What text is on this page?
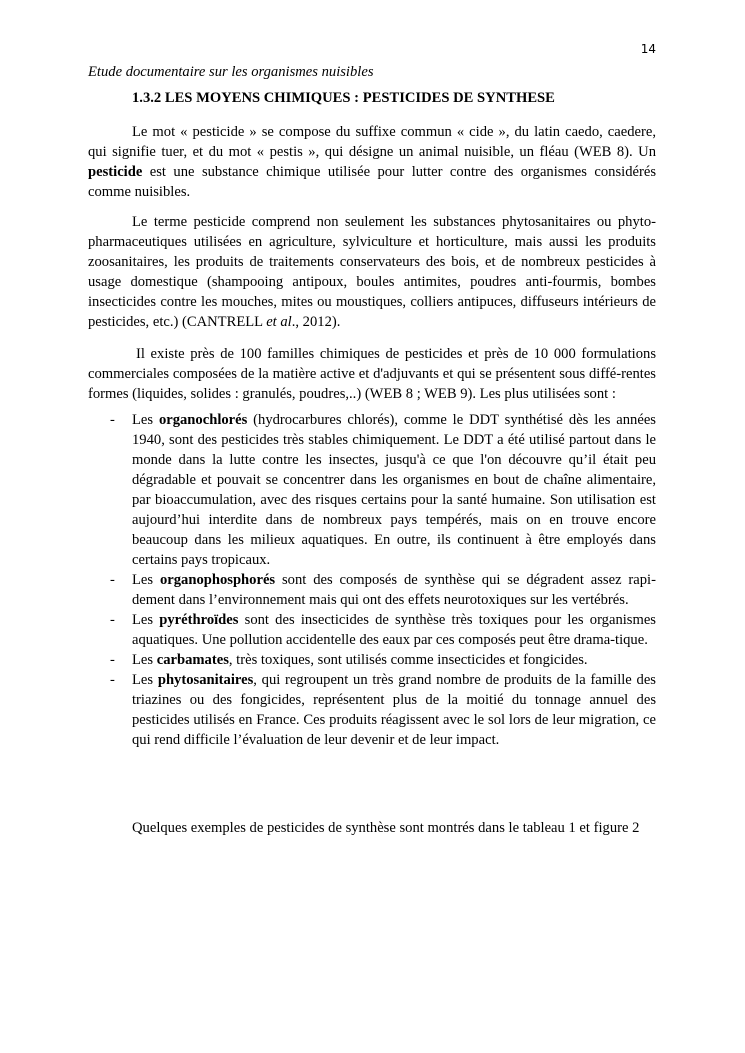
14
Etude documentaire sur les organismes nuisibles
1.3.2 LES MOYENS CHIMIQUES : PESTICIDES DE SYNTHESE

Le mot « pesticide » se compose du suffixe commun « cide », du latin caedo, caedere, qui signifie tuer, et du mot « pestis », qui désigne un animal nuisible, un fléau (WEB 8). Un pesticide est une substance chimique utilisée pour lutter contre des organismes considérés comme nuisibles.

Le terme pesticide comprend non seulement les substances phytosanitaires ou phyto-pharmaceutiques utilisées en agriculture, sylviculture et horticulture, mais aussi les produits zoosanitaires, les produits de traitements conservateurs des bois, et de nombreux pesticides à usage domestique (shampooing antipoux, boules antimites, poudres anti-fourmis, bombes insecticides contre les mouches, mites ou moustiques, colliers antipuces, diffuseurs intérieurs de pesticides, etc.) (CANTRELL et al., 2012).

Il existe près de 100 familles chimiques de pesticides et près de 10 000 formulations commerciales composées de la matière active et d'adjuvants et qui se présentent sous diffé-rentes formes (liquides, solides : granulés, poudres,..) (WEB 8 ; WEB 9). Les plus utilisées sont :

- Les organochlorés (hydrocarbures chlorés), comme le DDT synthétisé dès les années 1940, sont des pesticides très stables chimiquement. Le DDT a été utilisé partout dans le monde dans la lutte contre les insectes, jusqu'à ce que l'on découvre qu’il était peu dégradable et pouvait se concentrer dans les organismes en bout de chaîne alimentaire, par bioaccumulation, avec des risques certains pour la santé humaine. Son utilisation est aujourd’hui interdite dans de nombreux pays tempérés, mais on en trouve encore beaucoup dans les milieux aquatiques. En outre, ils continuent à être employés dans certains pays tropicaux.
- Les organophosphorés sont des composés de synthèse qui se dégradent assez rapi-dement dans l’environnement mais qui ont des effets neurotoxiques sur les vertébrés.
- Les pyréthroïdes sont des insecticides de synthèse très toxiques pour les organismes aquatiques. Une pollution accidentelle des eaux par ces composés peut être drama-tique.
- Les carbamates, très toxiques, sont utilisés comme insecticides et fongicides.
- Les phytosanitaires, qui regroupent un très grand nombre de produits de la famille des triazines ou des fongicides, représentent plus de la moitié du tonnage annuel des pesticides utilisés en France. Ces produits réagissent avec le sol lors de leur migration, ce qui rend difficile l’évaluation de leur devenir et de leur impact.
Quelques exemples de pesticides de synthèse sont montrés dans le tableau 1 et figure 2
